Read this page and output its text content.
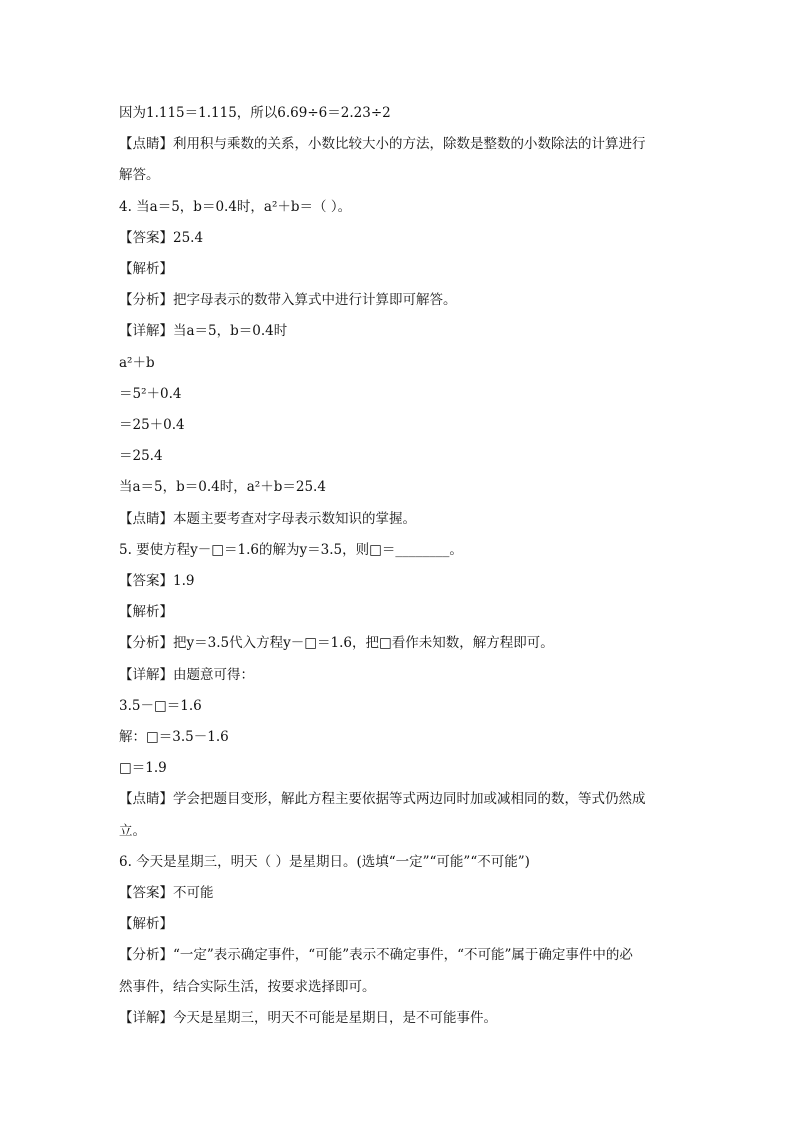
因为1.115＝1.115，所以6.69÷6＝2.23÷2
【点睛】利用积与乘数的关系，小数比较大小的方法，除数是整数的小数除法的计算进行
解答。
4. 当a＝5，b＝0.4时，a²＋b＝（ ）。
【答案】25.4
【解析】
【分析】把字母表示的数带入算式中进行计算即可解答。
【详解】当a＝5，b＝0.4时
a²＋b
＝5²＋0.4
＝25＋0.4
＝25.4
当a＝5，b＝0.4时，a²＋b＝25.4
【点睛】本题主要考查对字母表示数知识的掌握。
5. 要使方程y－□＝1.6的解为y＝3.5，则□＝________。
【答案】1.9
【解析】
【分析】把y＝3.5代入方程y－□＝1.6，把□看作未知数，解方程即可。
【详解】由题意可得：
3.5－□＝1.6
解：□＝3.5－1.6
□＝1.9
【点睛】学会把题目变形，解此方程主要依据等式两边同时加或减相同的数，等式仍然成
立。
6. 今天是星期三，明天（ ）是星期日。(选填“一定”“可能”“不可能”)
【答案】不可能
【解析】
【分析】“一定”表示确定事件，“可能”表示不确定事件，“不可能”属于确定事件中的必
然事件，结合实际生活，按要求选择即可。
【详解】今天是星期三，明天不可能是星期日，是不可能事件。
